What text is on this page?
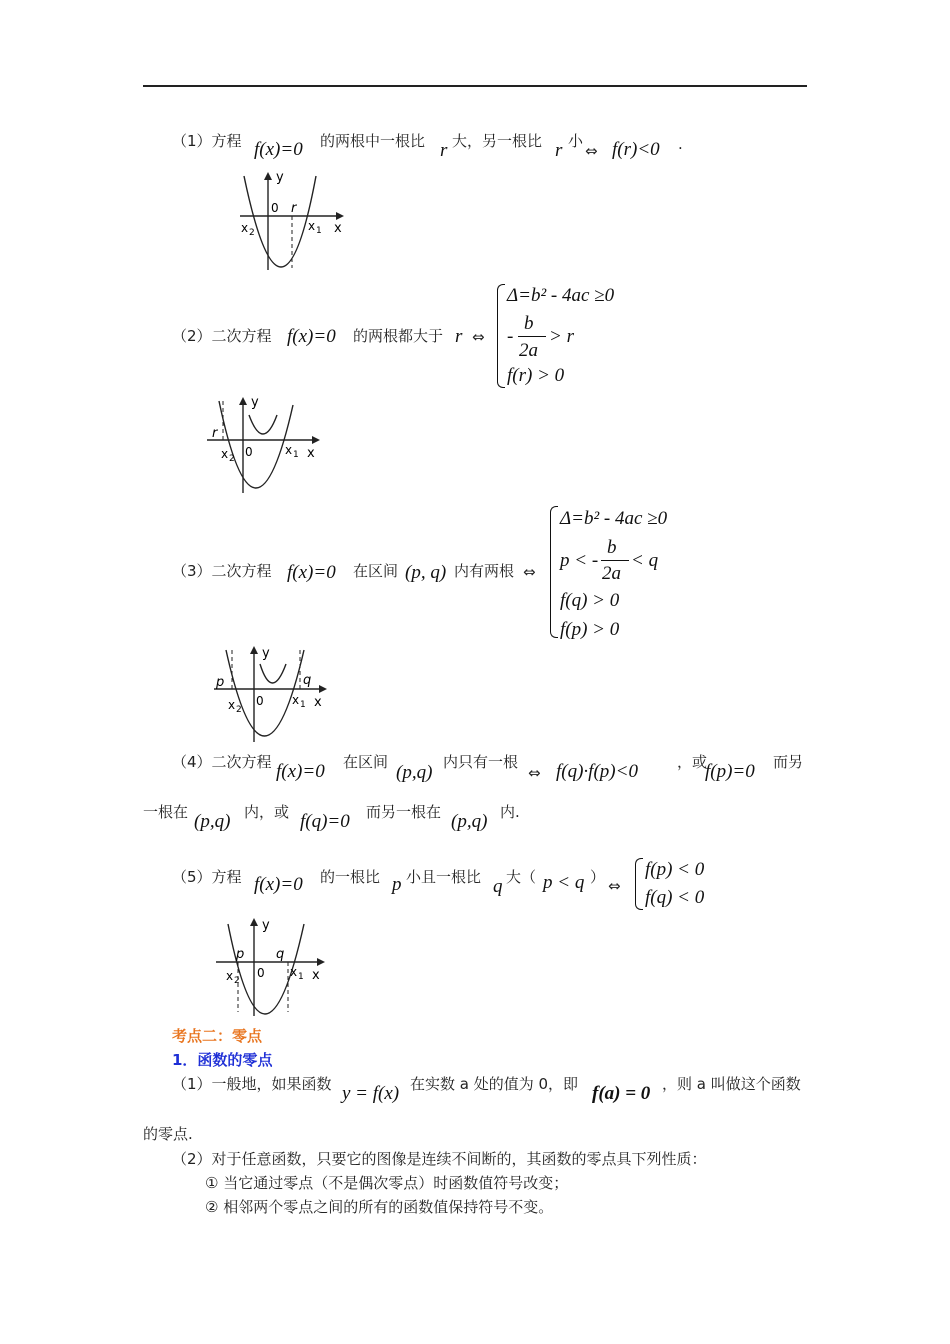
（1）方程 f(x)=0 的两根中一根比 r 大，另一根比 r 小
⇔ f(r)<0 .
y
x
0 r
x 2	x 1
（2）二次方程 f(x)=0 的两根都大于 r ⇔
Δ=b² - 4ac ≥0
-
b
2a
> r
f(r) > 0
y
x
0
r
x 2
x 1
（3）二次方程 f(x)=0 在区间 (p, q) 内有两根 ⇔
Δ=b² - 4ac ≥0
p < -
b
2a
< q
f(q) > 0
f(p) > 0
y
x
0
p	q
x 2
x 1
（4）二次方程 f(x)=0 在区间 (p,q) 内只有一根
⇔ f(q)·f(p)<0	，或
f(p)=0 而另
一根在 (p,q) 内，或 f(q)=0 而另一根在 (p,q) 内.
（5）方程 f(x)=0 的一根比 p 小且一根比 q 大（ p < q ） ⇔
f(p) < 0
f(q) < 0
y
x
0
p q
x 2
x 1
考点二：零点
1．函数的零点
（1）一般地，如果函数 y = f(x) 在实数 a 处的值为 0，即 f(a) = 0 ，则 a 叫做这个函数
的零点.
（2）对于任意函数，只要它的图像是连续不间断的，其函数的零点具下列性质：
① 当它通过零点（不是偶次零点）时函数值符号改变；
② 相邻两个零点之间的所有的函数值保持符号不变。
